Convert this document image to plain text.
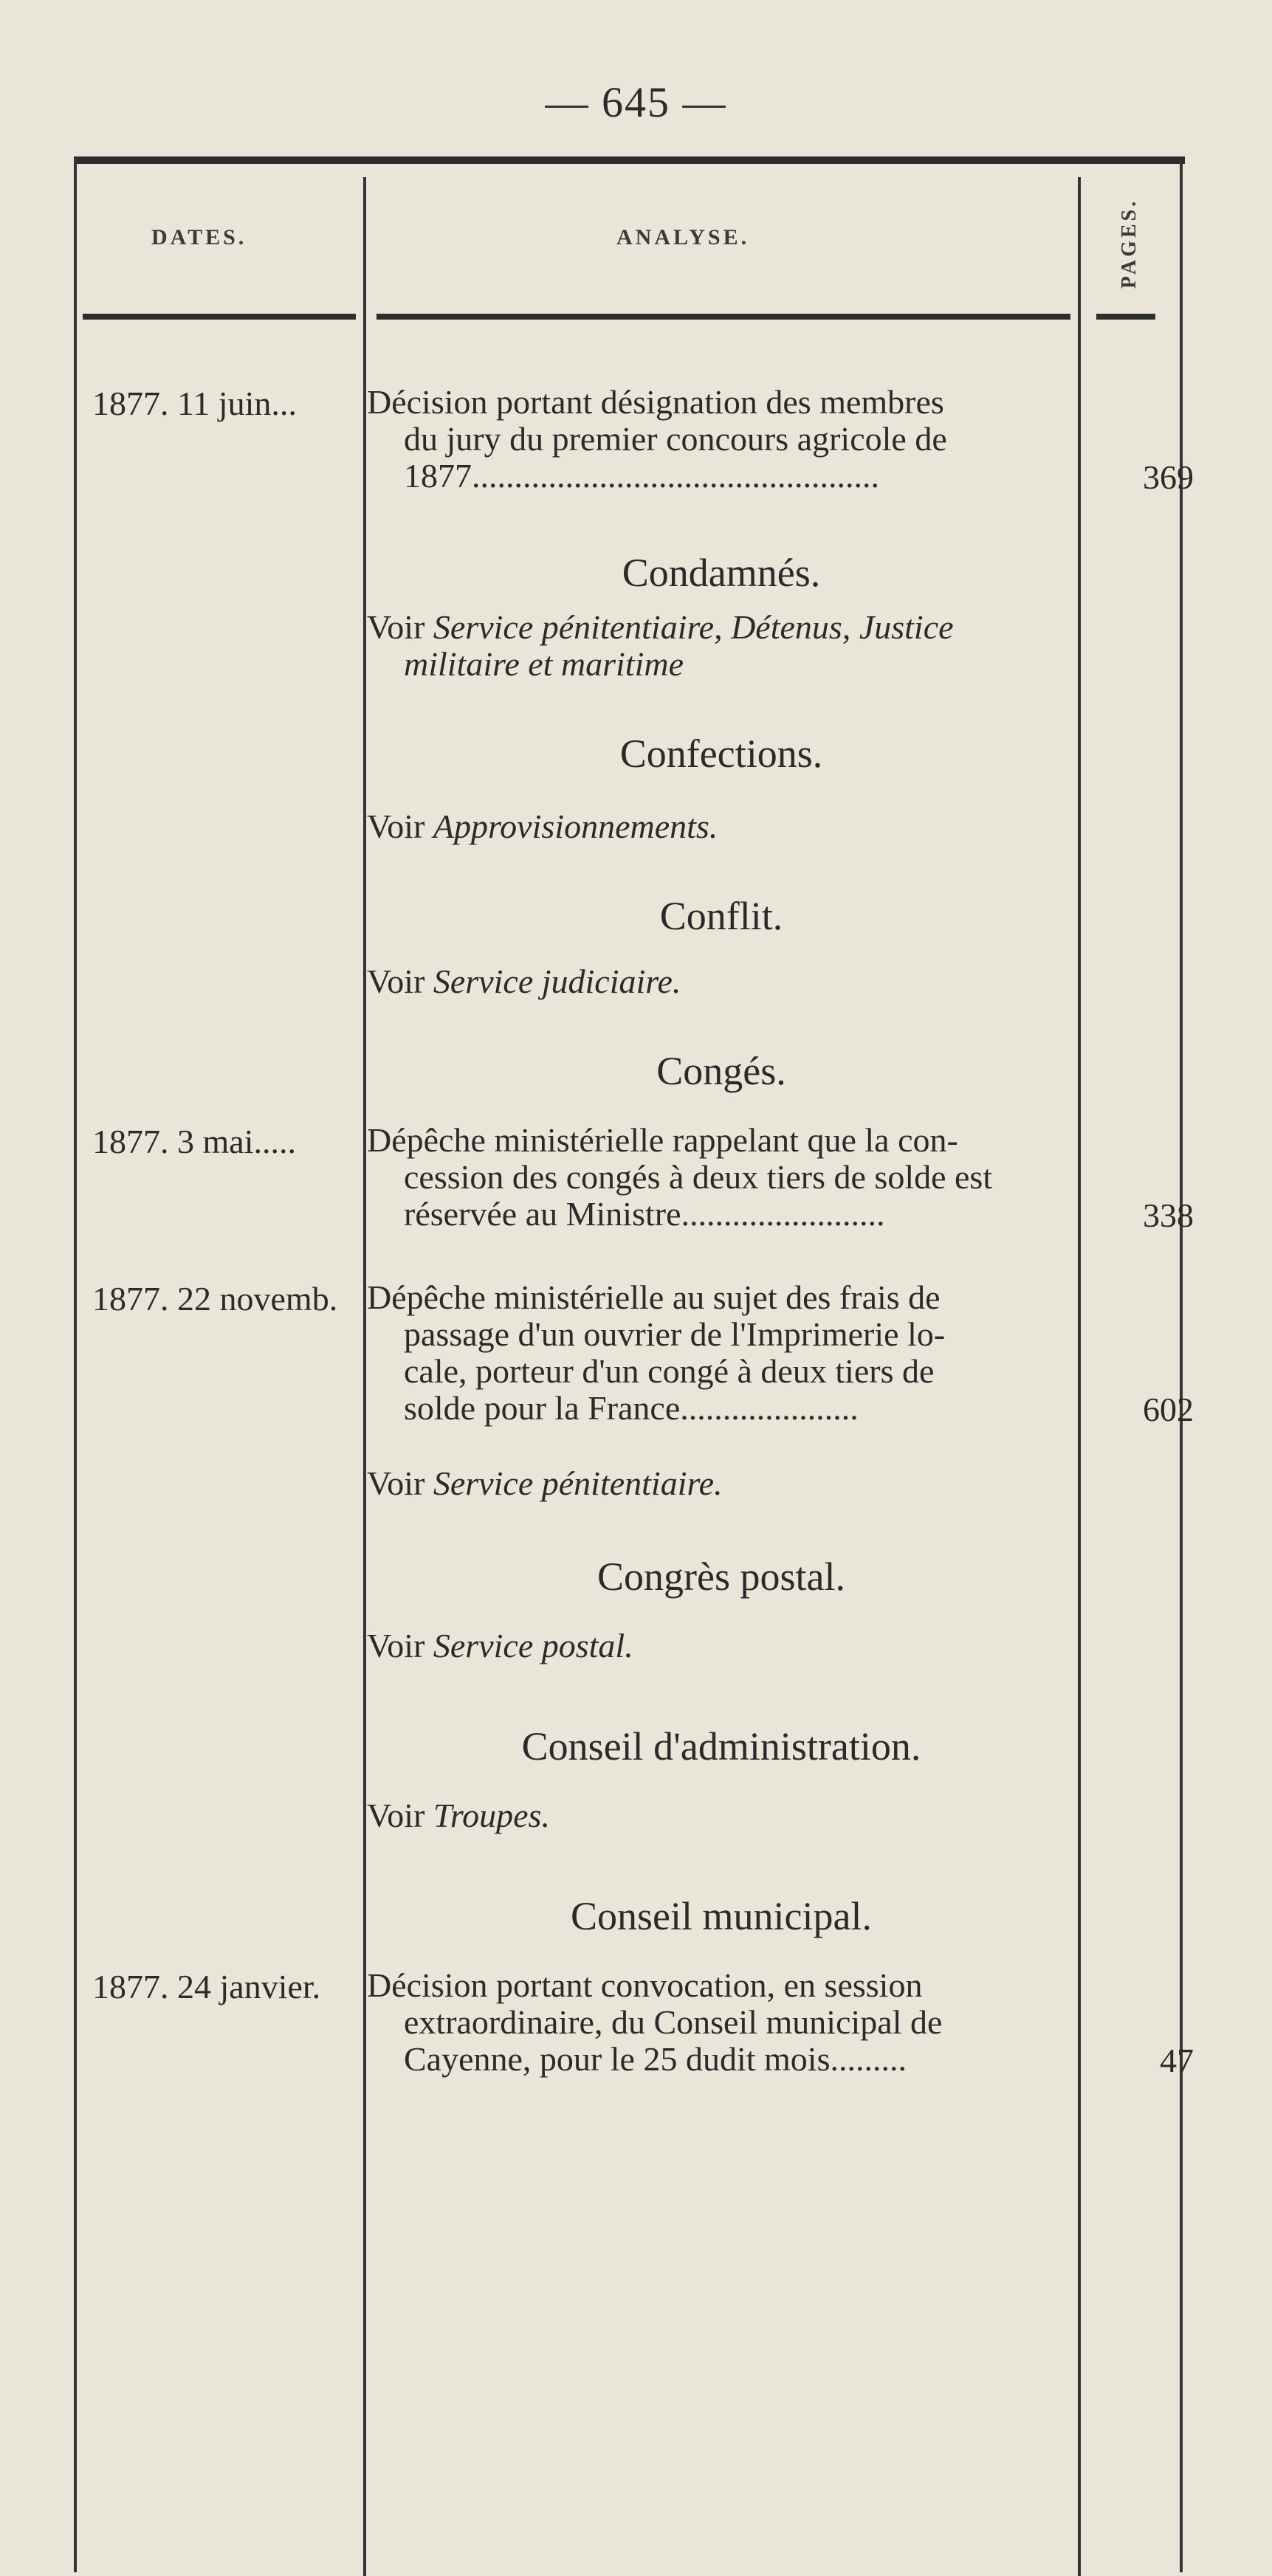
— 645 —
DATES.	ANALYSE.	PAGES.
1877. 11 juin... Décision portant désignation des membres
du jury du premier concours agricole de
1877................................................	369
Condamnés.
Voir Service pénitentiaire, Détenus, Justice
militaire et maritime
Confections.
Voir Approvisionnements.
Conflit.
Voir Service judiciaire.
Congés.
1877. 3 mai..... Dépêche ministérielle rappelant que la con-
cession des congés à deux tiers de solde est
réservée au Ministre........................	338
1877. 22 novemb. Dépêche ministérielle au sujet des frais de
passage d'un ouvrier de l'Imprimerie lo-
cale, porteur d'un congé à deux tiers de
solde pour la France.....................	602
Voir Service pénitentiaire.
Congrès postal.
Voir Service postal.
Conseil d'administration.
Voir Troupes.
Conseil municipal.
1877. 24 janvier. Décision portant convocation, en session
extraordinaire, du Conseil municipal de
Cayenne, pour le 25 dudit mois.........	47
